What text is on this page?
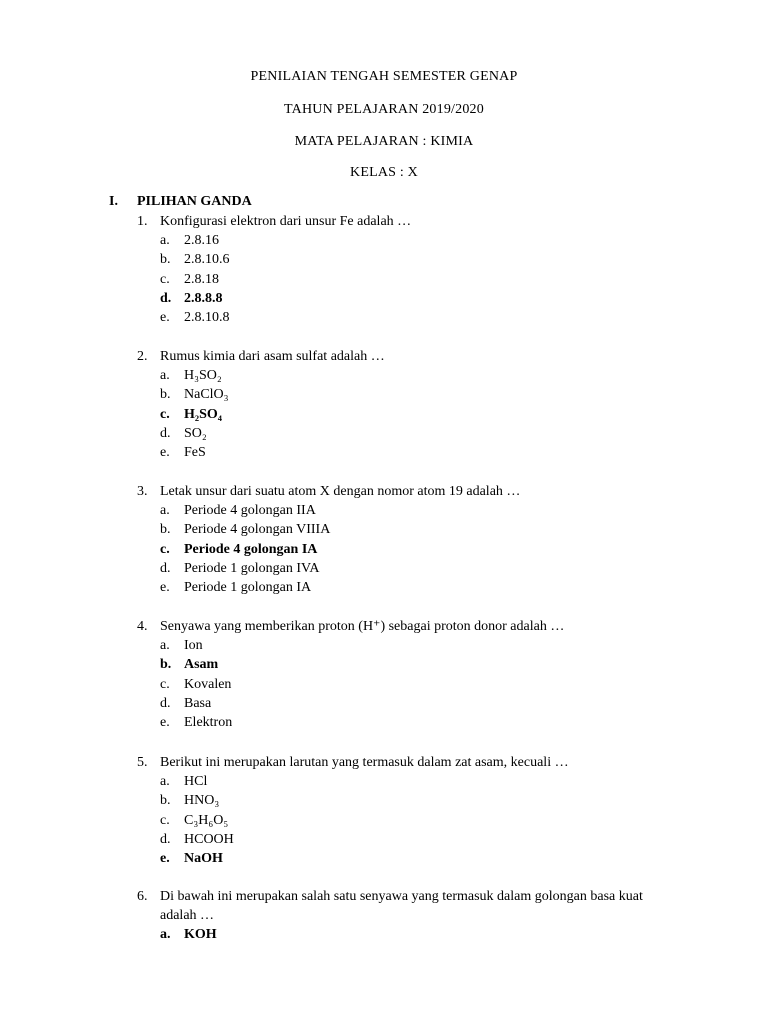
PENILAIAN TENGAH SEMESTER GENAP
TAHUN PELAJARAN 2019/2020
MATA PELAJARAN : KIMIA
KELAS : X
I. PILIHAN GANDA
1. Konfigurasi elektron dari unsur Fe adalah …
a. 2.8.16
b. 2.8.10.6
c. 2.8.18
d. 2.8.8.8
e. 2.8.10.8
2. Rumus kimia dari asam sulfat adalah …
a. H₃SO₂
b. NaClO₃
c. H₂SO₄
d. SO₂
e. FeS
3. Letak unsur dari suatu atom X dengan nomor atom 19 adalah …
a. Periode 4 golongan IIA
b. Periode 4 golongan VIIIA
c. Periode 4 golongan IA
d. Periode 1 golongan IVA
e. Periode 1 golongan IA
4. Senyawa yang memberikan proton (H⁺) sebagai proton donor adalah …
a. Ion
b. Asam
c. Kovalen
d. Basa
e. Elektron
5. Berikut ini merupakan larutan yang termasuk dalam zat asam, kecuali …
a. HCl
b. HNO₃
c. C₃H₆O₅
d. HCOOH
e. NaOH
6. Di bawah ini merupakan salah satu senyawa yang termasuk dalam golongan basa kuat
adalah …
a. KOH
